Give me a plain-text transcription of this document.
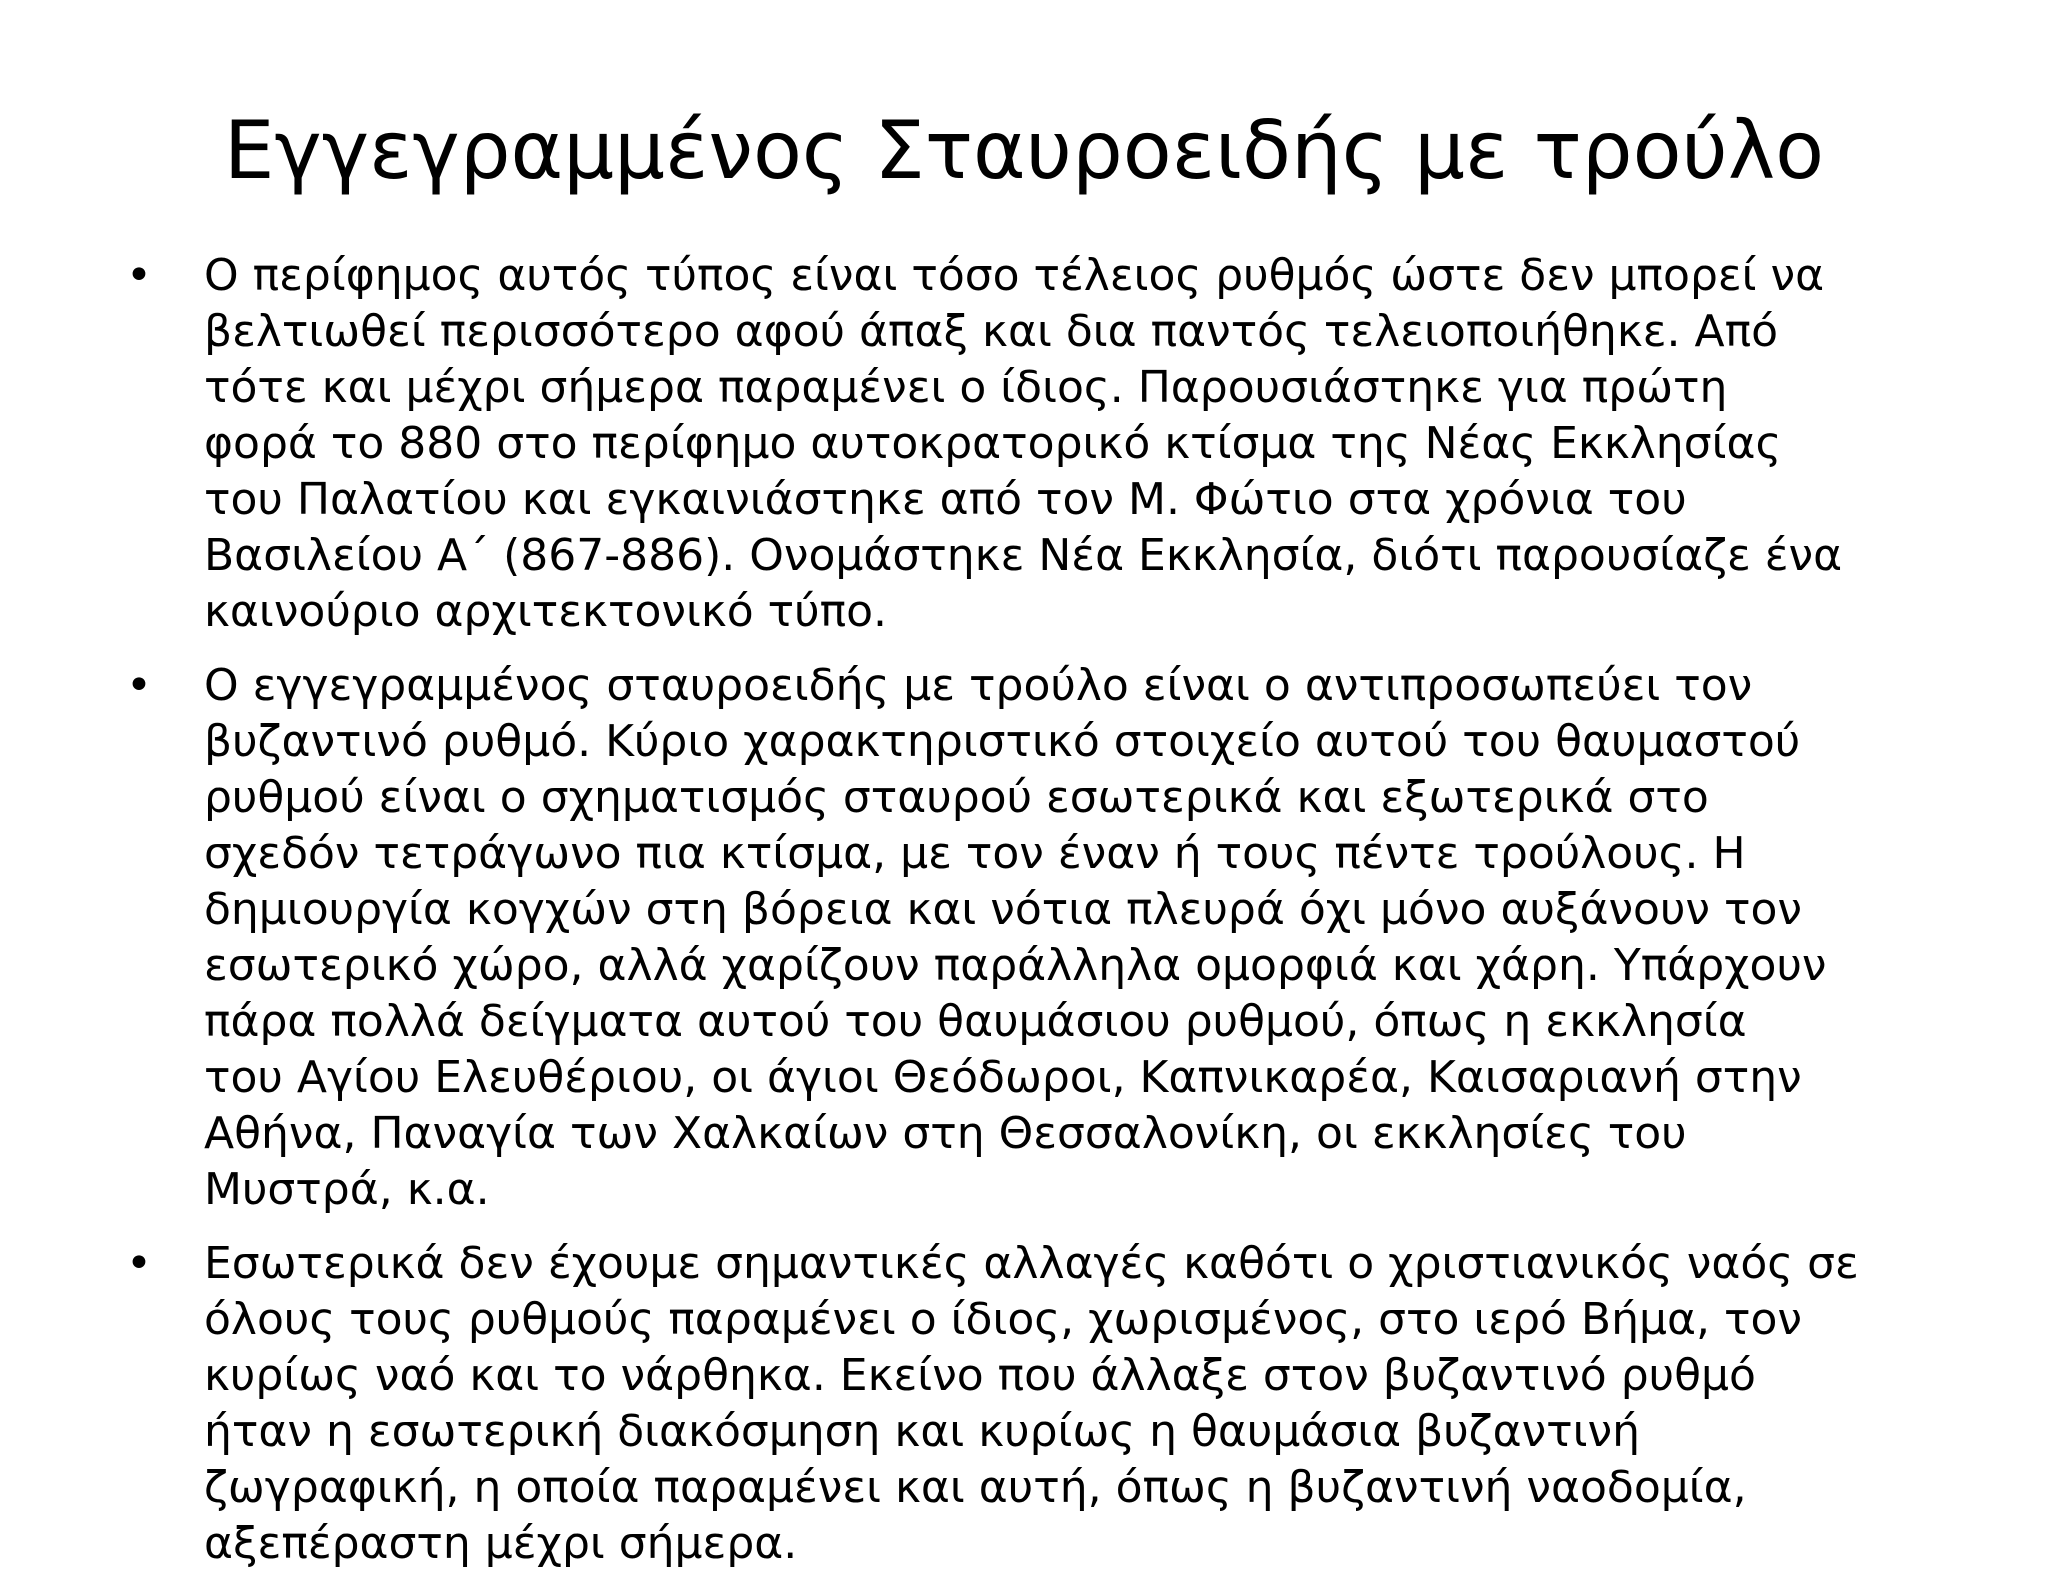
Εγγεγραμμένος Σταυροειδής με τρούλο
• Ο περίφημος αυτός τύπος είναι τόσο τέλειος ρυθμός ώστε δεν μπορεί να
βελτιωθεί περισσότερο αφού άπαξ και δια παντός τελειοποιήθηκε. Από
τότε και μέχρι σήμερα παραμένει ο ίδιος. Παρουσιάστηκε για πρώτη
φορά το 880 στο περίφημο αυτοκρατορικό κτίσμα της Νέας Εκκλησίας
του Παλατίου και εγκαινιάστηκε από τον Μ. Φώτιο στα χρόνια του
Βασιλείου Α΄ (867-886). Ονομάστηκε Νέα Εκκλησία, διότι παρουσίαζε ένα
καινούριο αρχιτεκτονικό τύπο.
• Ο εγγεγραμμένος σταυροειδής με τρούλο είναι ο αντιπροσωπεύει τον
βυζαντινό ρυθμό. Κύριο χαρακτηριστικό στοιχείο αυτού του θαυμαστού
ρυθμού είναι ο σχηματισμός σταυρού εσωτερικά και εξωτερικά στο
σχεδόν τετράγωνο πια κτίσμα, με τον έναν ή τους πέντε τρούλους. Η
δημιουργία κογχών στη βόρεια και νότια πλευρά όχι μόνο αυξάνουν τον
εσωτερικό χώρο, αλλά χαρίζουν παράλληλα ομορφιά και χάρη. Υπάρχουν
πάρα πολλά δείγματα αυτού του θαυμάσιου ρυθμού, όπως η εκκλησία
του Αγίου Ελευθέριου, οι άγιοι Θεόδωροι, Καπνικαρέα, Καισαριανή στην
Αθήνα, Παναγία των Χαλκαίων στη Θεσσαλονίκη, οι εκκλησίες του
Μυστρά, κ.α.
• Εσωτερικά δεν έχουμε σημαντικές αλλαγές καθότι ο χριστιανικός ναός σε
όλους τους ρυθμούς παραμένει ο ίδιος, χωρισμένος, στο ιερό Βήμα, τον
κυρίως ναό και το νάρθηκα. Εκείνο που άλλαξε στον βυζαντινό ρυθμό
ήταν η εσωτερική διακόσμηση και κυρίως η θαυμάσια βυζαντινή
ζωγραφική, η οποία παραμένει και αυτή, όπως η βυζαντινή ναοδομία,
αξεπέραστη μέχρι σήμερα.
